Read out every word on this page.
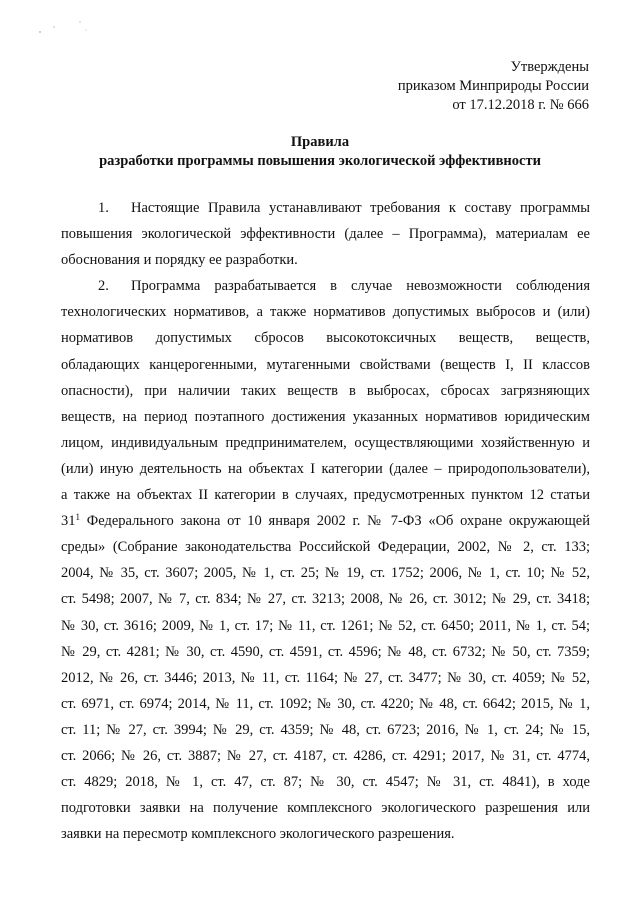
Утверждены
приказом Минприроды России
от 17.12.2018 г. № 666
Правила
разработки программы повышения экологической эффективности
1. Настоящие Правила устанавливают требования к составу программы
повышения экологической эффективности (далее – Программа), материалам ее
обоснования и порядку ее разработки.
2. Программа разрабатывается в случае невозможности соблюдения
технологических нормативов, а также нормативов допустимых выбросов и (или)
нормативов допустимых сбросов высокотоксичных веществ, веществ,
обладающих канцерогенными, мутагенными свойствами (веществ I, II классов
опасности), при наличии таких веществ в выбросах, сбросах загрязняющих
веществ, на период поэтапного достижения указанных нормативов юридическим
лицом, индивидуальным предпринимателем, осуществляющими хозяйственную и
(или) иную деятельность на объектах I категории (далее – природопользователи),
а также на объектах II категории в случаях, предусмотренных пунктом 12 статьи
$31^1$ Федерального закона от 10 января 2002 г. № 7-ФЗ «Об охране окружающей
среды» (Собрание законодательства Российской Федерации, 2002, № 2, ст. 133;
2004, № 35, ст. 3607; 2005, № 1, ст. 25; № 19, ст. 1752; 2006, № 1, ст. 10; № 52,
ст. 5498; 2007, № 7, ст. 834; № 27, ст. 3213; 2008, № 26, ст. 3012; № 29, ст. 3418;
№ 30, ст. 3616; 2009, № 1, ст. 17; № 11, ст. 1261; № 52, ст. 6450; 2011, № 1, ст. 54;
№ 29, ст. 4281; № 30, ст. 4590, ст. 4591, ст. 4596; № 48, ст. 6732; № 50, ст. 7359;
2012, № 26, ст. 3446; 2013, № 11, ст. 1164; № 27, ст. 3477; № 30, ст. 4059; № 52,
ст. 6971, ст. 6974; 2014, № 11, ст. 1092; № 30, ст. 4220; № 48, ст. 6642; 2015, № 1,
ст. 11; № 27, ст. 3994; № 29, ст. 4359; № 48, ст. 6723; 2016, № 1, ст. 24; № 15,
ст. 2066; № 26, ст. 3887; № 27, ст. 4187, ст. 4286, ст. 4291; 2017, № 31, ст. 4774,
ст. 4829; 2018, № 1, ст. 47, ст. 87; № 30, ст. 4547; № 31, ст. 4841), в ходе
подготовки заявки на получение комплексного экологического разрешения или
заявки на пересмотр комплексного экологического разрешения.
